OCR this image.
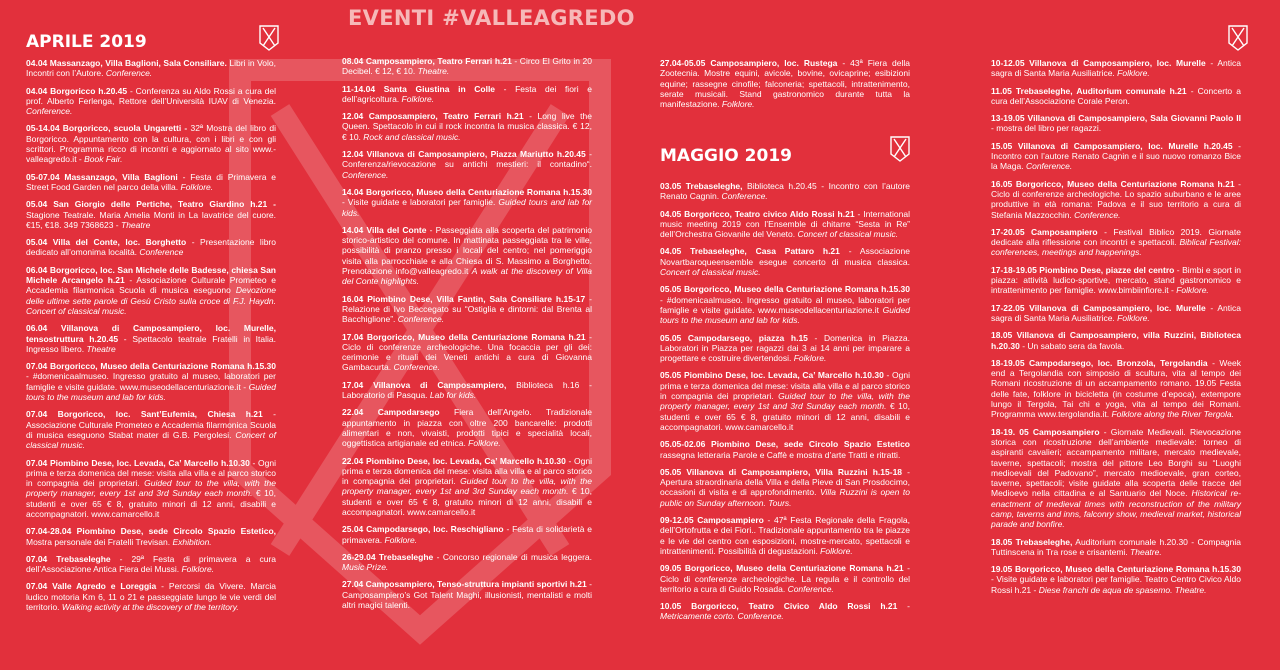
EVENTI #VALLEAGREDO
APRILE 2019
MAGGIO 2019

04.04 Massanzago, Villa Baglioni, Sala Consiliare. Libri in Volo, Incontri con l’Autore. Conference.

04.04 Borgoricco h.20.45 - Conferenza su Aldo Rossi a cura del prof. Alberto Ferlenga, Rettore dell’Università IUAV di Venezia. Conference.

05-14.04 Borgoricco, scuola Ungaretti - 32ª Mostra del libro di Borgoricco. Appuntamento con la cultura, con i libri e con gli scrittori. Programma ricco di incontri e aggiornato al sito www.-valleagredo.it - Book Fair.

05-07.04 Massanzago, Villa Baglioni - Festa di Primavera e Street Food Garden nel parco della villa. Folklore.

05.04 San Giorgio delle Pertiche, Teatro Giardino h.21 - Stagione Teatrale. Maria Amelia Monti in La lavatrice del cuore. €15, €18. 349 7368623 - Theatre

05.04 Villa del Conte, loc. Borghetto - Presentazione libro dedicato all’omonima località. Conference

06.04 Borgoricco, loc. San Michele delle Badesse, chiesa San Michele Arcangelo h.21 - Associazione Culturale Prometeo e Accademia filarmonica Scuola di musica eseguono Devozione delle ultime sette parole di Gesù Cristo sulla croce di F.J. Haydn. Concert of classical music.

06.04 Villanova di Camposampiero, loc. Murelle, tensostruttura h.20.45 - Spettacolo teatrale Fratelli in Italia. Ingresso libero. Theatre

07.04 Borgoricco, Museo della Centuriazione Romana h.15.30 - #domenicaalmuseo. Ingresso gratuito al museo, laboratori per famiglie e visite guidate. www.museodellacenturiazione.it - Guided tours to the museum and lab for kids.

07.04 Borgoricco, loc. Sant’Eufemia, Chiesa h.21 - Associazione Culturale Prometeo e Accademia filarmonica Scuola di musica eseguono Stabat mater di G.B. Pergolesi. Concert of classical music.

07.04 Piombino Dese, loc. Levada, Ca’ Marcello h.10.30 - Ogni prima e terza domenica del mese: visita alla villa e al parco storico in compagnia dei proprietari. Guided tour to the villa, with the property manager, every 1st and 3rd Sunday each month. € 10, studenti e over 65 € 8, gratuito minori di 12 anni, disabili e accompagnatori. www.camarcello.it

07.04-28.04 Piombino Dese, sede Circolo Spazio Estetico, Mostra personale dei Fratelli Trevisan. Exhibition.

07.04 Trebaseleghe - 29ª Festa di primavera a cura dell’Associazione Antica Fiera dei Mussi. Folklore.

07.04 Valle Agredo e Loreggia - Percorsi da Vivere. Marcia ludico motoria Km 6, 11 o 21 e passeggiate lungo le vie verdi del territorio. Walking activity at the discovery of the territory.

08.04 Camposampiero, Teatro Ferrari h.21 - Circo El Grito in 20 Decibel. € 12, € 10. Theatre.

11-14.04 Santa Giustina in Colle - Festa dei fiori e dell’agricoltura. Folklore.

12.04 Camposampiero, Teatro Ferrari h.21 - Long live the Queen. Spettacolo in cui il rock incontra la musica classica. € 12, € 10. Rock and classical music.

12.04 Villanova di Camposampiero, Piazza Mariutto h.20.45 - Conferenza/rievocazione su antichi mestieri: il contadino“. Conference.

14.04 Borgoricco, Museo della Centuriazione Romana h.15.30 - Visite guidate e laboratori per famiglie. Guided tours and lab for kids.

14.04 Villa del Conte - Passeggiata alla scoperta del patrimonio storico-artistico del comune. In mattinata passeggiata tra le ville, possibilità di pranzo presso i locali del centro; nel pomeriggio visita alla parrocchiale e alla Chiesa di S. Massimo a Borghetto. Prenotazione info@valleagredo.it A walk at the discovery of Villa del Conte highlights.

16.04 Piombino Dese, Villa Fantin, Sala Consiliare h.15-17 - Relazione di Ivo Beccegato su “Ostiglia e dintorni: dal Brenta al Bacchiglione”. Conference.

17.04 Borgoricco, Museo della Centuriazione Romana h.21 - Ciclo di conferenze archeologiche. Una focaccia per gli dei: cerimonie e rituali dei Veneti antichi a cura di Giovanna Gambacurta. Conference.

17.04 Villanova di Camposampiero, Biblioteca h.16 - Laboratorio di Pasqua. Lab for kids.

22.04 Campodarsego Fiera dell’Angelo. Tradizionale appuntamento in piazza con oltre 200 bancarelle: prodotti alimentari e non, vivaisti, prodotti tipici e specialità locali, oggettistica artigianale ed etnica. Folklore.

22.04 Piombino Dese, loc. Levada, Ca’ Marcello h.10.30 - Ogni prima e terza domenica del mese: visita alla villa e al parco storico in compagnia dei proprietari. Guided tour to the villa, with the property manager, every 1st and 3rd Sunday each month. € 10, studenti e over 65 € 8, gratuito minori di 12 anni, disabili e accompagnatori. www.camarcello.it

25.04 Campodarsego, loc. Reschigliano - Festa di solidarietà e primavera. Folklore.

26-29.04 Trebaseleghe - Concorso regionale di musica leggera. Music Prize.

27.04 Camposampiero, Tenso-struttura impianti sportivi h.21 - Camposampiero’s Got Talent Maghi, illusionisti, mentalisti e molti altri magici talenti.

27.04-05.05 Camposampiero, loc. Rustega - 43ª Fiera della Zootecnia. Mostre equini, avicole, bovine, ovicaprine; esibizioni equine; rassegne cinofile; falconeria; spettacoli, intrattenimento, serate musicali. Stand gastronomico durante tutta la manifestazione. Folklore.

03.05 Trebaseleghe, Biblioteca h.20.45 - Incontro con l’autore Renato Cagnin. Conference.

04.05 Borgoricco, Teatro civico Aldo Rossi h.21 - International music meeting 2019 con l’Ensemble di chitarre “Sesta in Re” dell’Orchestra Giovanile del Veneto. Concert of classical music.

04.05 Trebaseleghe, Casa Pattaro h.21 - Associazione Novartbaroqueensemble esegue concerto di musica classica. Concert of classical music.

05.05 Borgoricco, Museo della Centuriazione Romana h.15.30 - #domenicaalmuseo. Ingresso gratuito al museo, laboratori per famiglie e visite guidate. www.museodellacenturiazione.it Guided tours to the museum and lab for kids.

05.05 Campodarsego, piazza h.15 - Domenica in Piazza. Laboratori in Piazza per ragazzi dai 3 ai 14 anni per imparare a progettare e costruire divertendosi. Folklore.

05.05 Piombino Dese, loc. Levada, Ca’ Marcello h.10.30 - Ogni prima e terza domenica del mese: visita alla villa e al parco storico in compagnia dei proprietari. Guided tour to the villa, with the property manager, every 1st and 3rd Sunday each month. € 10, studenti e over 65 € 8, gratuito minori di 12 anni, disabili e accompagnatori. www.camarcello.it

05.05-02.06 Piombino Dese, sede Circolo Spazio Estetico rassegna letteraria Parole e Caffè e mostra d’arte Tratti e ritratti.

05.05 Villanova di Camposampiero, Villa Ruzzini h.15-18 - Apertura straordinaria della Villa e della Pieve di San Prosdocimo, occasioni di visita e di approfondimento. Villa Ruzzini is open to public on Sunday afternoon. Tours.

09-12.05 Camposampiero - 47ª Festa Regionale della Fragola, dell’Ortofrutta e dei Fiori.. Tradizionale appuntamento tra le piazze e le vie del centro con esposizioni, mostre-mercato, spettacoli e intrattenimenti. Possibilità di degustazioni. Folklore.

09.05 Borgoricco, Museo della Centuriazione Romana h.21 - Ciclo di conferenze archeologiche. La regula e il controllo del territorio a cura di Guido Rosada. Conference.

10.05 Borgoricco, Teatro Civico Aldo Rossi h.21 - Metricamente corto. Conference.

10-12.05 Villanova di Camposampiero, loc. Murelle - Antica sagra di Santa Maria Ausiliatrice. Folklore.

11.05 Trebaseleghe, Auditorium comunale h.21 - Concerto a cura dell’Associazione Corale Peron.

13-19.05 Villanova di Camposampiero, Sala Giovanni Paolo II - mostra del libro per ragazzi.

15.05 Villanova di Camposampiero, loc. Murelle h.20.45 - Incontro con l’autore Renato Cagnin e il suo nuovo romanzo Bice la Maga. Conference.

16.05 Borgoricco, Museo della Centuriazione Romana h.21 - Ciclo di conferenze archeologiche. Lo spazio suburbano e le aree produttive in età romana: Padova e il suo territorio a cura di Stefania Mazzocchin. Conference.

17-20.05 Camposampiero - Festival Biblico 2019. Giornate dedicate alla riflessione con incontri e spettacoli. Biblical Festival: conferences, meetings and happenings.

17-18-19.05 Piombino Dese, piazze del centro - Bimbi e sport in piazza: attività ludico-sportive, mercato, stand gastronomico e intrattenimento per famiglie. www.bimbiinfiore.it - Folklore.

17-22.05 Villanova di Camposampiero, loc. Murelle - Antica sagra di Santa Maria Ausiliatrice. Folklore.

18.05 Villanova di Camposampiero, villa Ruzzini, Biblioteca h.20.30 - Un sabato sera da favola.

18-19.05 Campodarsego, loc. Bronzola, Tergolandia - Week end a Tergolandia con simposio di scultura, vita al tempo dei Romani ricostruzione di un accampamento romano. 19.05 Festa delle fate, folklore in bicicletta (in costume d’epoca), extempore lungo il Tergola, Tai chi e yoga, vita al tempo dei Romani. Programma www.tergolandia.it. Folklore along the River Tergola.

18-19. 05 Camposampiero - Giornate Medievali. Rievocazione storica con ricostruzione dell’ambiente medievale: torneo di aspiranti cavalieri; accampamento militare, mercato medievale, taverne, spettacoli; mostra del pittore Leo Borghi su “Luoghi medioevali del Padovano”, mercato medioevale, gran corteo, taverne, spettacoli; visite guidate alla scoperta delle tracce del Medioevo nella cittadina e al Santuario del Noce. Historical re-enactment of medieval times with reconstruction of the military camp, taverns and inns, falconry show, medieval market, historical parade and bonfire.

18.05 Trebaseleghe, Auditorium comunale h.20.30 - Compagnia Tuttinscena in Tra rose e crisantemi. Theatre.

19.05 Borgoricco, Museo della Centuriazione Romana h.15.30 - Visite guidate e laboratori per famiglie. Teatro Centro Civico Aldo Rossi h.21 - Diese franchi de aqua de spasemo. Theatre.
